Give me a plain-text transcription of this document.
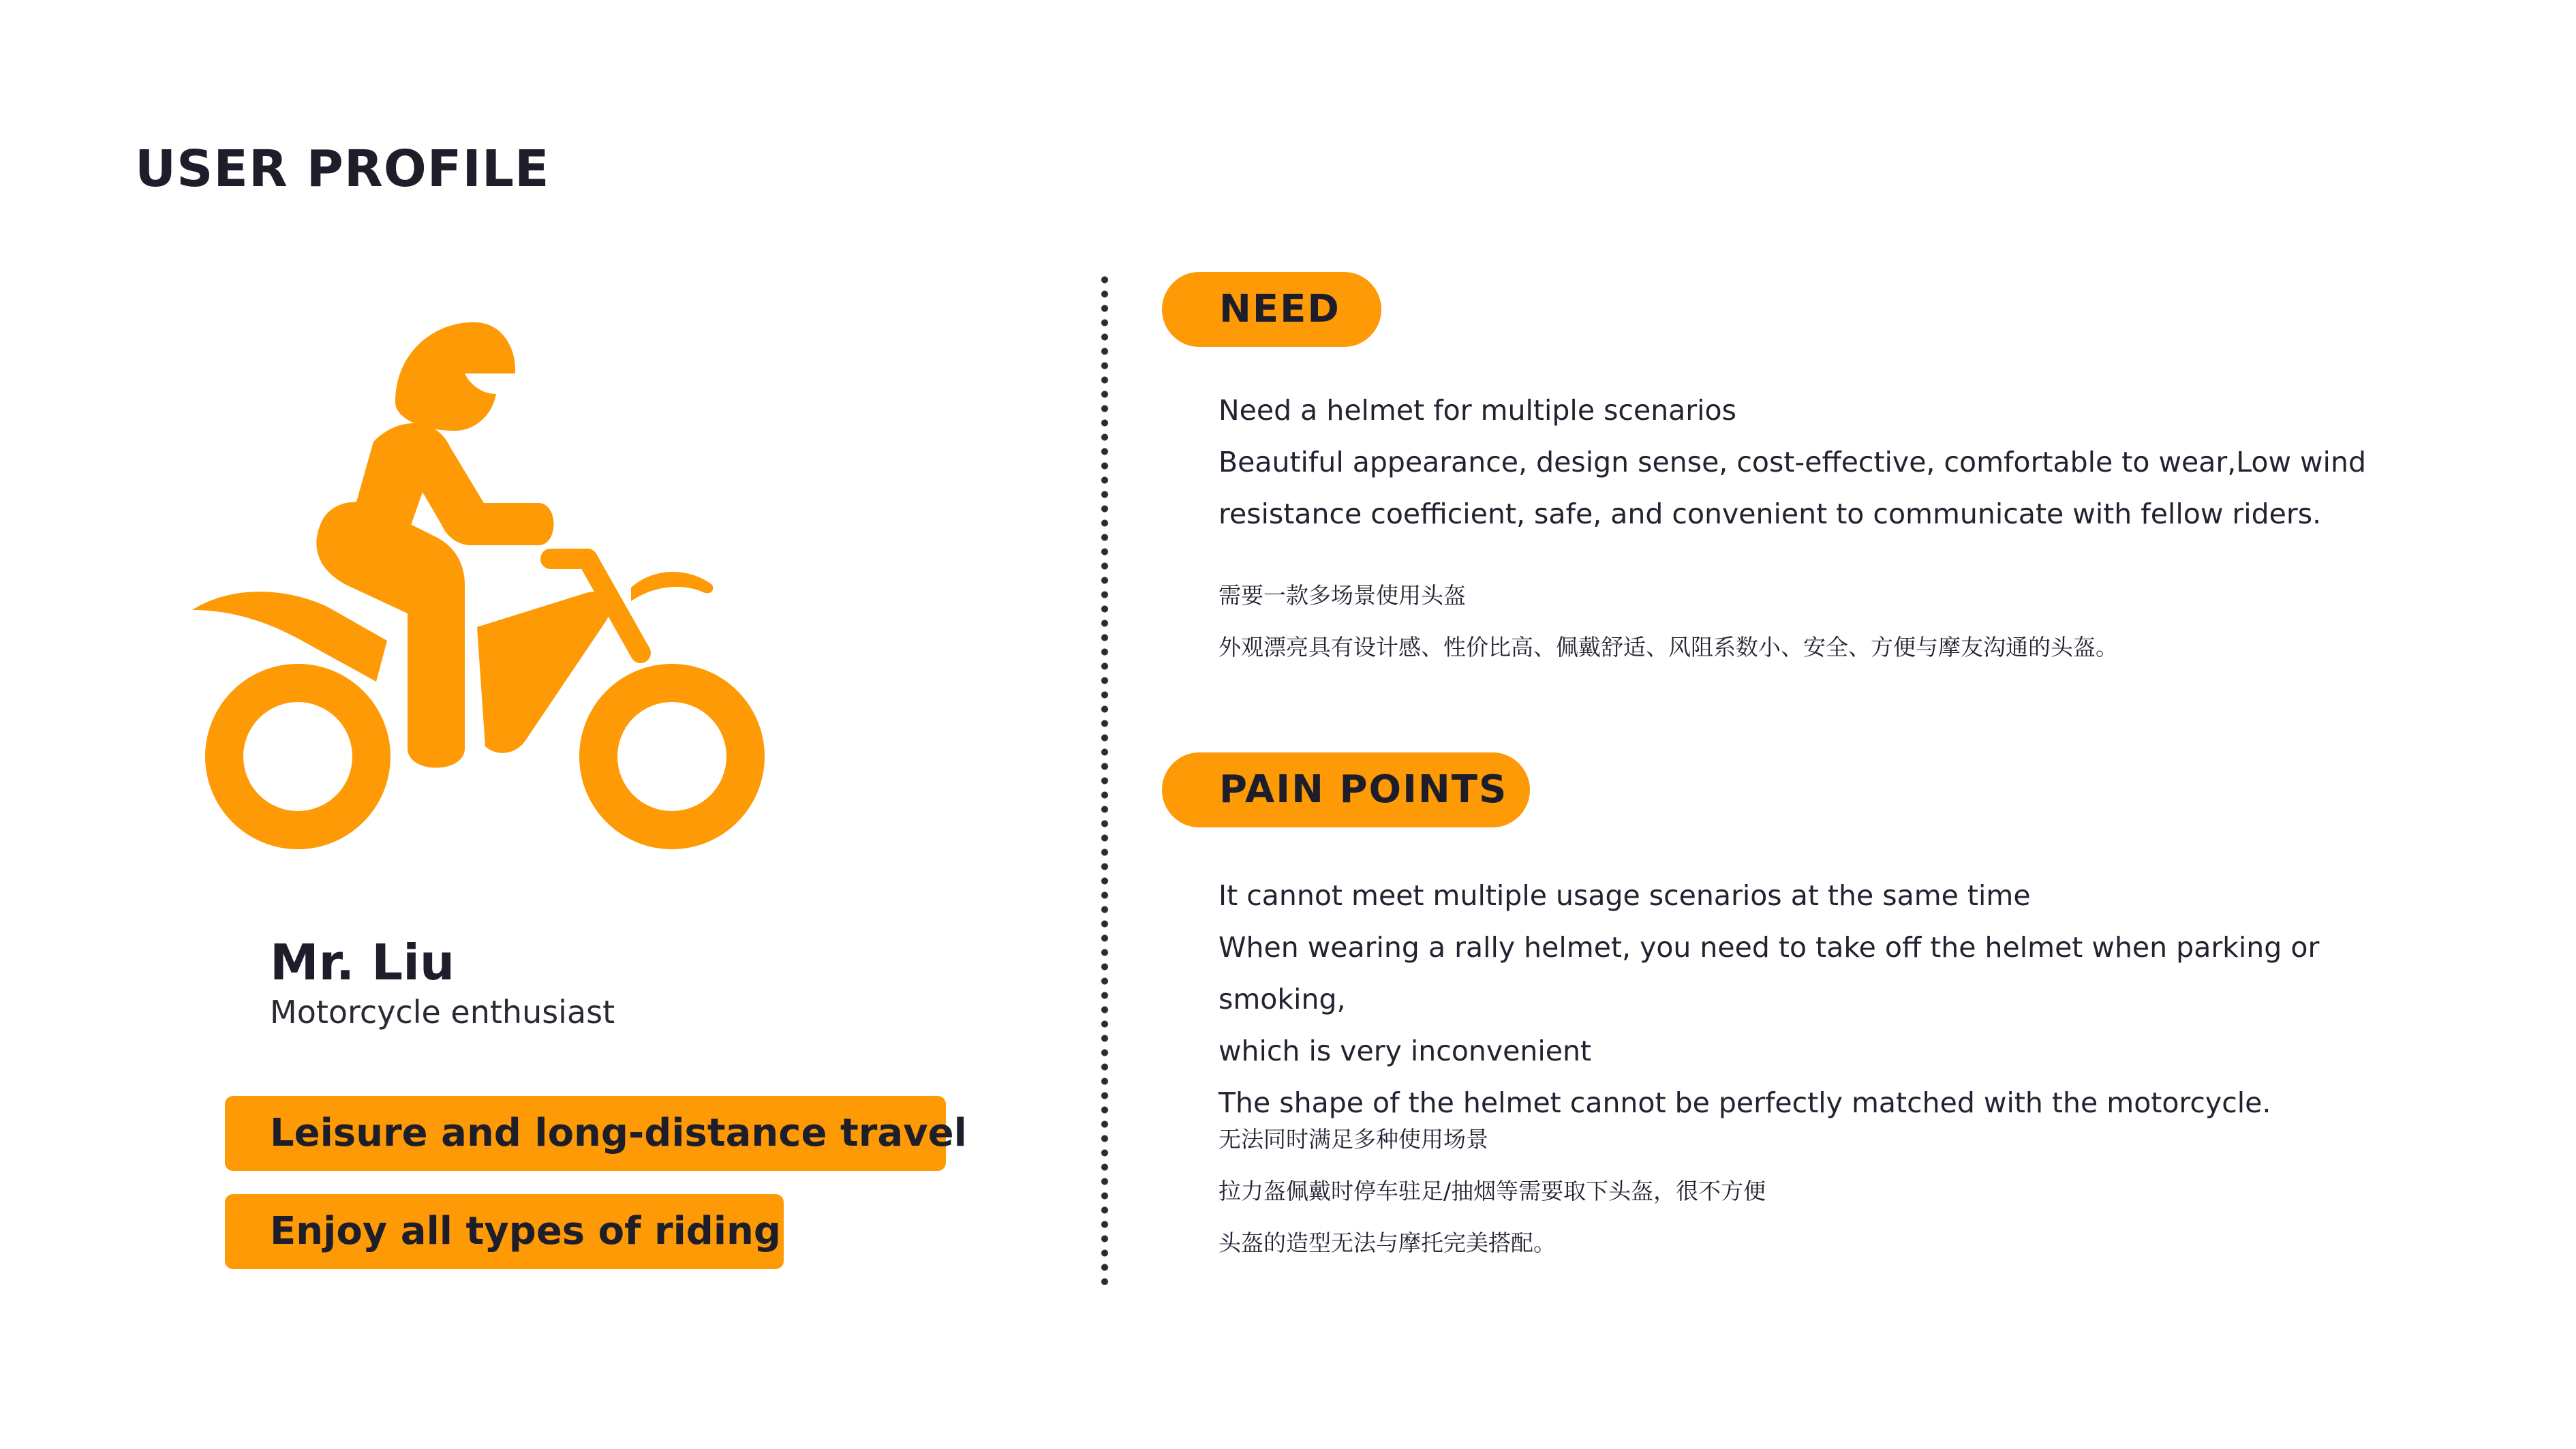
USER PROFILE
Mr. Liu
Motorcycle enthusiast
Leisure and long-distance travel
Enjoy all types of riding
NEED

Need a helmet for multiple scenarios

Beautiful appearance, design sense, cost-effective, comfortable to wear,Low wind

resistance coefficient, safe, and convenient to communicate with fellow riders.

需要一款多场景使用头盔

外观漂亮具有设计感、性价比高、佩戴舒适、风阻系数小、安全、方便与摩友沟通的头盔。

PAIN POINTS

It cannot meet multiple usage scenarios at the same time

When wearing a rally helmet, you need to take off the helmet when parking or smoking,

which is very inconvenient

The shape of the helmet cannot be perfectly matched with the motorcycle.

无法同时满足多种使用场景

拉力盔佩戴时停车驻足/抽烟等需要取下头盔，很不方便

头盔的造型无法与摩托完美搭配。
